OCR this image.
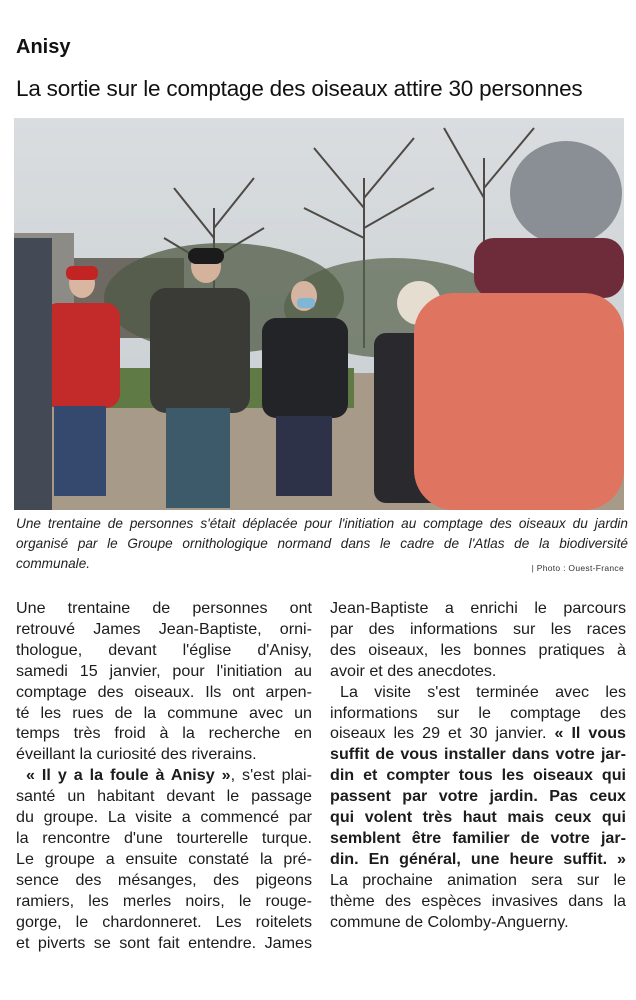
Anisy
La sortie sur le comptage des oiseaux attire 30 personnes
Une trentaine de personnes s'était déplacée pour l'initiation au comptage des oiseaux du jardin organisé par le Groupe ornithologique normand dans le cadre de l'Atlas de la biodiversité communale.	| Photo : Ouest-France
Une trentaine de personnes ont
retrouvé James Jean-Baptiste, orni-
thologue, devant l'église d'Anisy,
samedi 15 janvier, pour l'initiation au
comptage des oiseaux. Ils ont arpen-
té les rues de la commune avec un
temps très froid à la recherche en
éveillant la curiosité des riverains.
« Il y a la foule à Anisy », s'est plai-
santé un habitant devant le passage
du groupe. La visite a commencé par
la rencontre d'une tourterelle turque.
Le groupe a ensuite constaté la pré-
sence des mésanges, des pigeons
ramiers, les merles noirs, le rouge-
gorge, le chardonneret. Les roitelets
et piverts se sont fait entendre. James
Jean-Baptiste a enrichi le parcours
par des informations sur les races
des oiseaux, les bonnes pratiques à
avoir et des anecdotes.
La visite s'est terminée avec les
informations sur le comptage des
oiseaux les 29 et 30 janvier. « Il vous
suffit de vous installer dans votre jar-
din et compter tous les oiseaux qui
passent par votre jardin. Pas ceux
qui volent très haut mais ceux qui
semblent être familier de votre jar-
din. En général, une heure suffit. »
La prochaine animation sera sur le
thème des espèces invasives dans la
commune de Colomby-Anguerny.
